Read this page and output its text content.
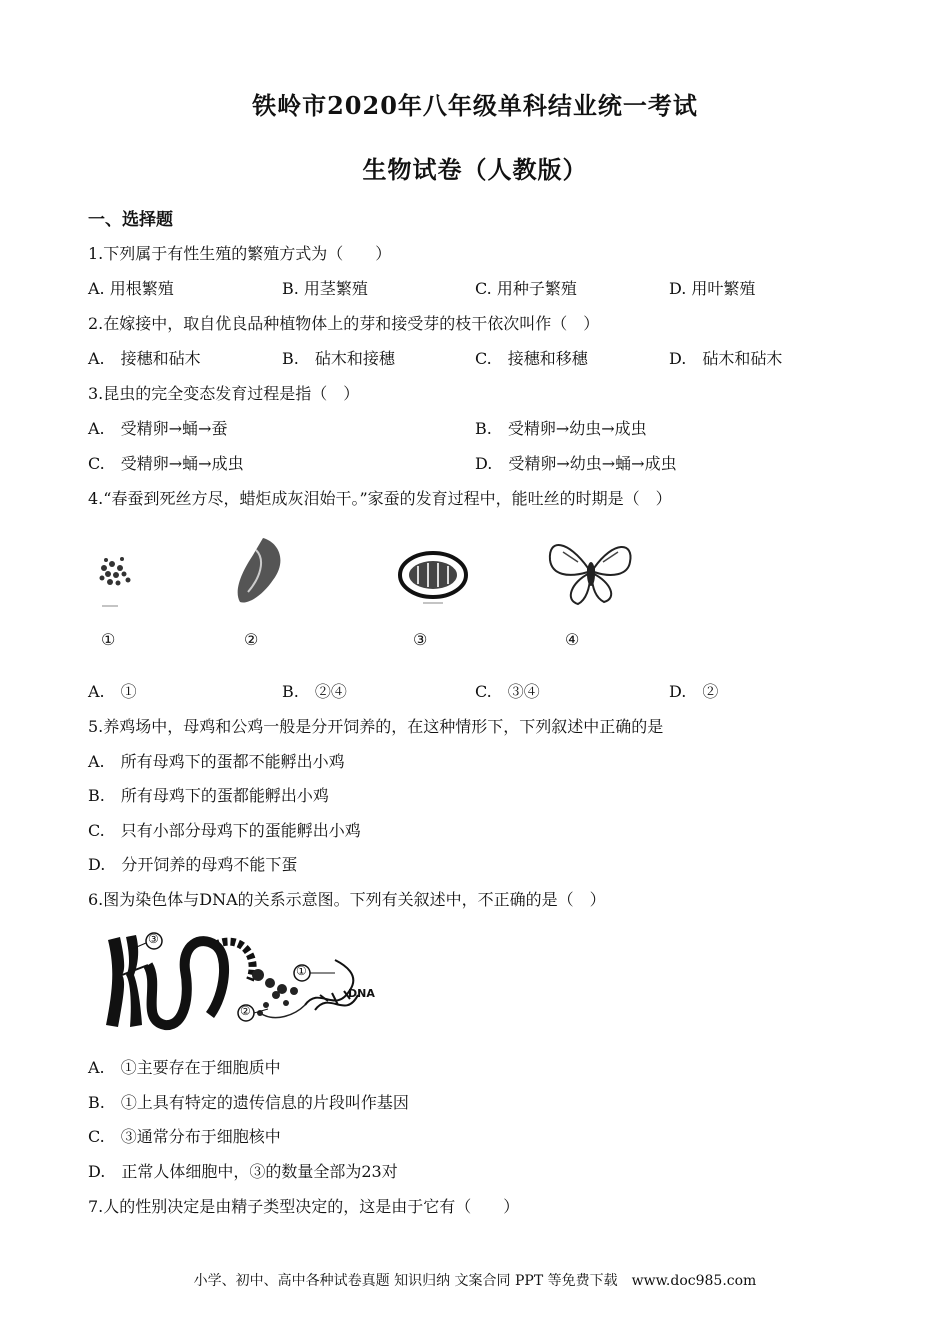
铁岭市2020年八年级单科结业统一考试
生物试卷（人教版）
一、选择题
1.下列属于有性生殖的繁殖方式为（　　）
A. 用根繁殖	B. 用茎繁殖	C. 用种子繁殖	D. 用叶繁殖
2.在嫁接中，取自优良品种植物体上的芽和接受芽的枝干依次叫作（　）
A.　接穗和砧木	B.　砧木和接穗	C.　接穗和移穗	D.　砧木和砧木
3.昆虫的完全变态发育过程是指（　）
A.　受精卵→蛹→蚕	B.　受精卵→幼虫→成虫
C.　受精卵→蛹→成虫	D.　受精卵→幼虫→蛹→成虫
4.“春蚕到死丝方尽，蜡炬成灰泪始干。”家蚕的发育过程中，能吐丝的时期是（　）
①	②	③	④
A.　①	B.　②④	C.　③④	D.　②
5.养鸡场中，母鸡和公鸡一般是分开饲养的，在这种情形下，下列叙述中正确的是
A.　所有母鸡下的蛋都不能孵出小鸡
B.　所有母鸡下的蛋都能孵出小鸡
C.　只有小部分母鸡下的蛋能孵出小鸡
D.　分开饲养的母鸡不能下蛋
6.图为染色体与DNA的关系示意图。下列有关叙述中，不正确的是（　）
③
①
②
DNA
A.　①主要存在于细胞质中
B.　①上具有特定的遗传信息的片段叫作基因
C.　③通常分布于细胞核中
D.　正常人体细胞中，③的数量全部为23对
7.人的性别决定是由精子类型决定的，这是由于它有（　　）
小学、初中、高中各种试卷真题 知识归纳 文案合同 PPT 等免费下载　www.doc985.com
